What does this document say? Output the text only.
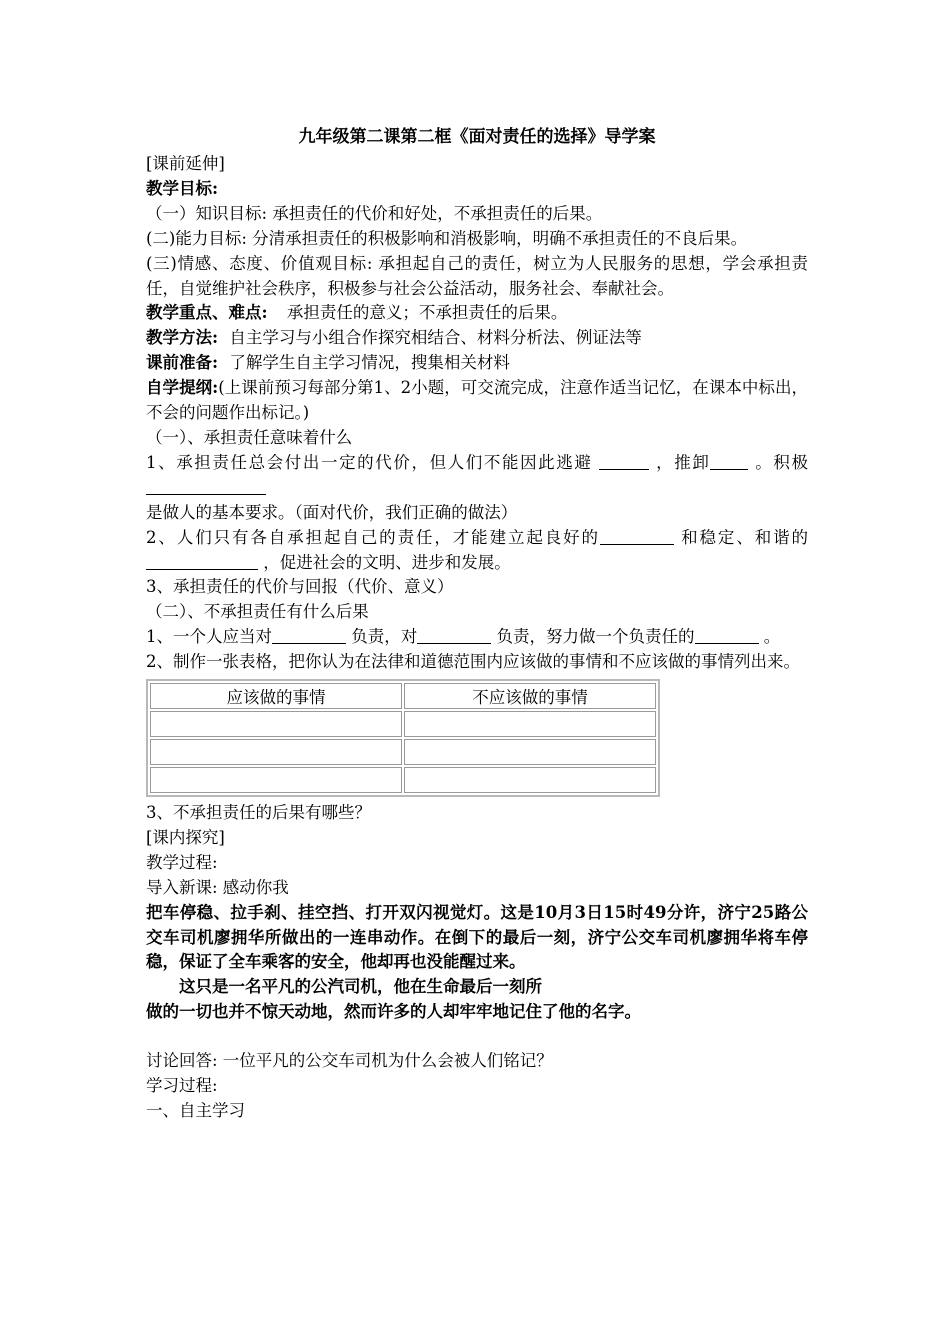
九年级第二课第二框《面对责任的选择》导学案
[课前延伸]
教学目标:
（一）知识目标: 承担责任的代价和好处，不承担责任的后果。
(二)能力目标: 分清承担责任的积极影响和消极影响，明确不承担责任的不良后果。
(三)情感、态度、价值观目标: 承担起自己的责任，树立为人民服务的思想，学会承担责任，自觉维护社会秩序，积极参与社会公益活动，服务社会、奉献社会。
教学重点、难点: 承担责任的意义；不承担责任的后果。
教学方法: 自主学习与小组合作探究相结合、材料分析法、例证法等
课前准备: 了解学生自主学习情况，搜集相关材料
自学提纲:(上课前预习每部分第1、2小题，可交流完成，注意作适当记忆，在课本中标出，不会的问题作出标记。)
（一）、承担责任意味着什么
1、承担责任总会付出一定的代价，但人们不能因此逃避	，推卸	。积极
是做人的基本要求。（面对代价，我们正确的做法）
2、人们只有各自承担起自己的责任，才能建立起良好的	和稳定、和谐的  ，促进社会的文明、进步和发展。
3、承担责任的代价与回报（代价、意义）
（二）、不承担责任有什么后果
1、一个人应当对	负责，对	负责，努力做一个负责任的	。
2、制作一张表格，把你认为在法律和道德范围内应该做的事情和不应该做的事情列出来。
应该做的事情	不应该做的事情

3、不承担责任的后果有哪些？
[课内探究]
教学过程:
导入新课: 感动你我
把车停稳、拉手刹、挂空挡、打开双闪视觉灯。这是10月3日15时49分许，济宁25路公交车司机廖拥华所做出的一连串动作。在倒下的最后一刻，济宁公交车司机廖拥华将车停稳，保证了全车乘客的安全，他却再也没能醒过来。
这只是一名平凡的公汽司机，他在生命最后一刻所
做的一切也并不惊天动地，然而许多的人却牢牢地记住了他的名字。
讨论回答: 一位平凡的公交车司机为什么会被人们铭记？
学习过程:
一、自主学习
